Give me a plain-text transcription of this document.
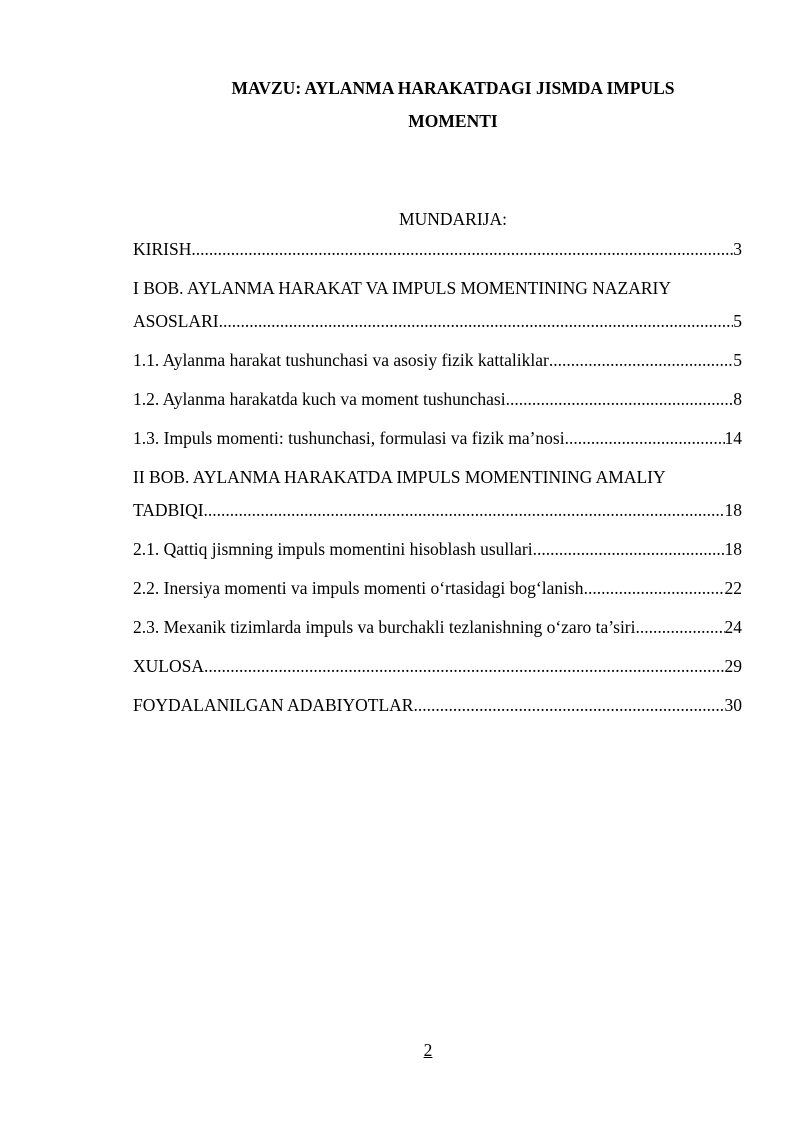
MAVZU: AYLANMA HARAKATDAGI JISMDA IMPULS
MOMENTI
MUNDARIJA:
KIRISH .....	3
I BOB. AYLANMA HARAKAT VA IMPULS MOMENTINING NAZARIY
ASOSLARI .....	5
1.1. Aylanma harakat tushunchasi va asosiy fizik kattaliklar .....	5
1.2. Aylanma harakatda kuch va moment tushunchasi .....	8
1.3. Impuls momenti: tushunchasi, formulasi va fizik ma’nosi .....	14
II BOB. AYLANMA HARAKATDA IMPULS MOMENTINING AMALIY
TADBIQI .....	18
2.1. Qattiq jismning impuls momentini hisoblash usullari .....	18
2.2. Inersiya momenti va impuls momenti o‘rtasidagi bog‘lanish .....	22
2.3. Mexanik tizimlarda impuls va burchakli tezlanishning o‘zaro ta’siri .....	24
XULOSA .....	29
FOYDALANILGAN ADABIYOTLAR .....	30
2
